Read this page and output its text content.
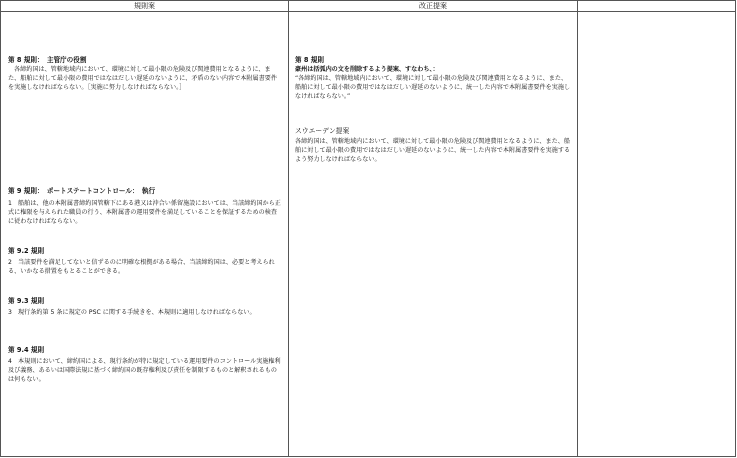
規則案	改正提案
第 8 規則：　主管庁の役割
各締約国は、管轄地域内において、環境に対して最小限の危険及び関連費用となるように、また、船舶に対して最小限の費用ではなはだしい遅延のないように、矛盾のない内容で本附属書要件を実施しなければならない。［実施に努力しなければならない。］
第 9 規則：　ポートステートコントロール：　執行
1　船舶は、他の本附属書締約国管轄下にある港又は沖合い係留施設においては、当該締約国から正式に権限を与えられた職員の行う、本附属書の運用要件を満足していることを保証するための検査に従わなければならない。
第 9.2 規則
2　当該要件を満足してないと信ずるのに明確な根拠がある場合、当該締約国は、必要と考えられる、いかなる措置をもとることができる。
第 9.3 規則
3　現行条約第 5 条に規定の PSC に関する手続きを、本規則に適用しなければならない。
第 9.4 規則
4　本規則において、締約国による、現行条約が特に規定している運用要件のコントロール実施権利及び義務、あるいは国際法規に基づく締約国の既存権利及び責任を制限するものと解釈されるものは何もない。
第 8 規則
豪州は括弧内の文を削除するよう提案、すなわち、：
“各締約国は、管轄地域内において、環境に対して最小限の危険及び関連費用となるように、また、船舶に対して最小限の費用ではなはだしい遅延のないように、統一した内容で本附属書要件を実施しなければならない。”
スウエーデン提案
各締約国は、管轄地域内において、環境に対して最小限の危険及び関連費用となるように、また、船舶に対して最小限の費用ではなはだしい遅延のないように、統一した内容で本附属書要件を実施するよう努力しなければならない。
